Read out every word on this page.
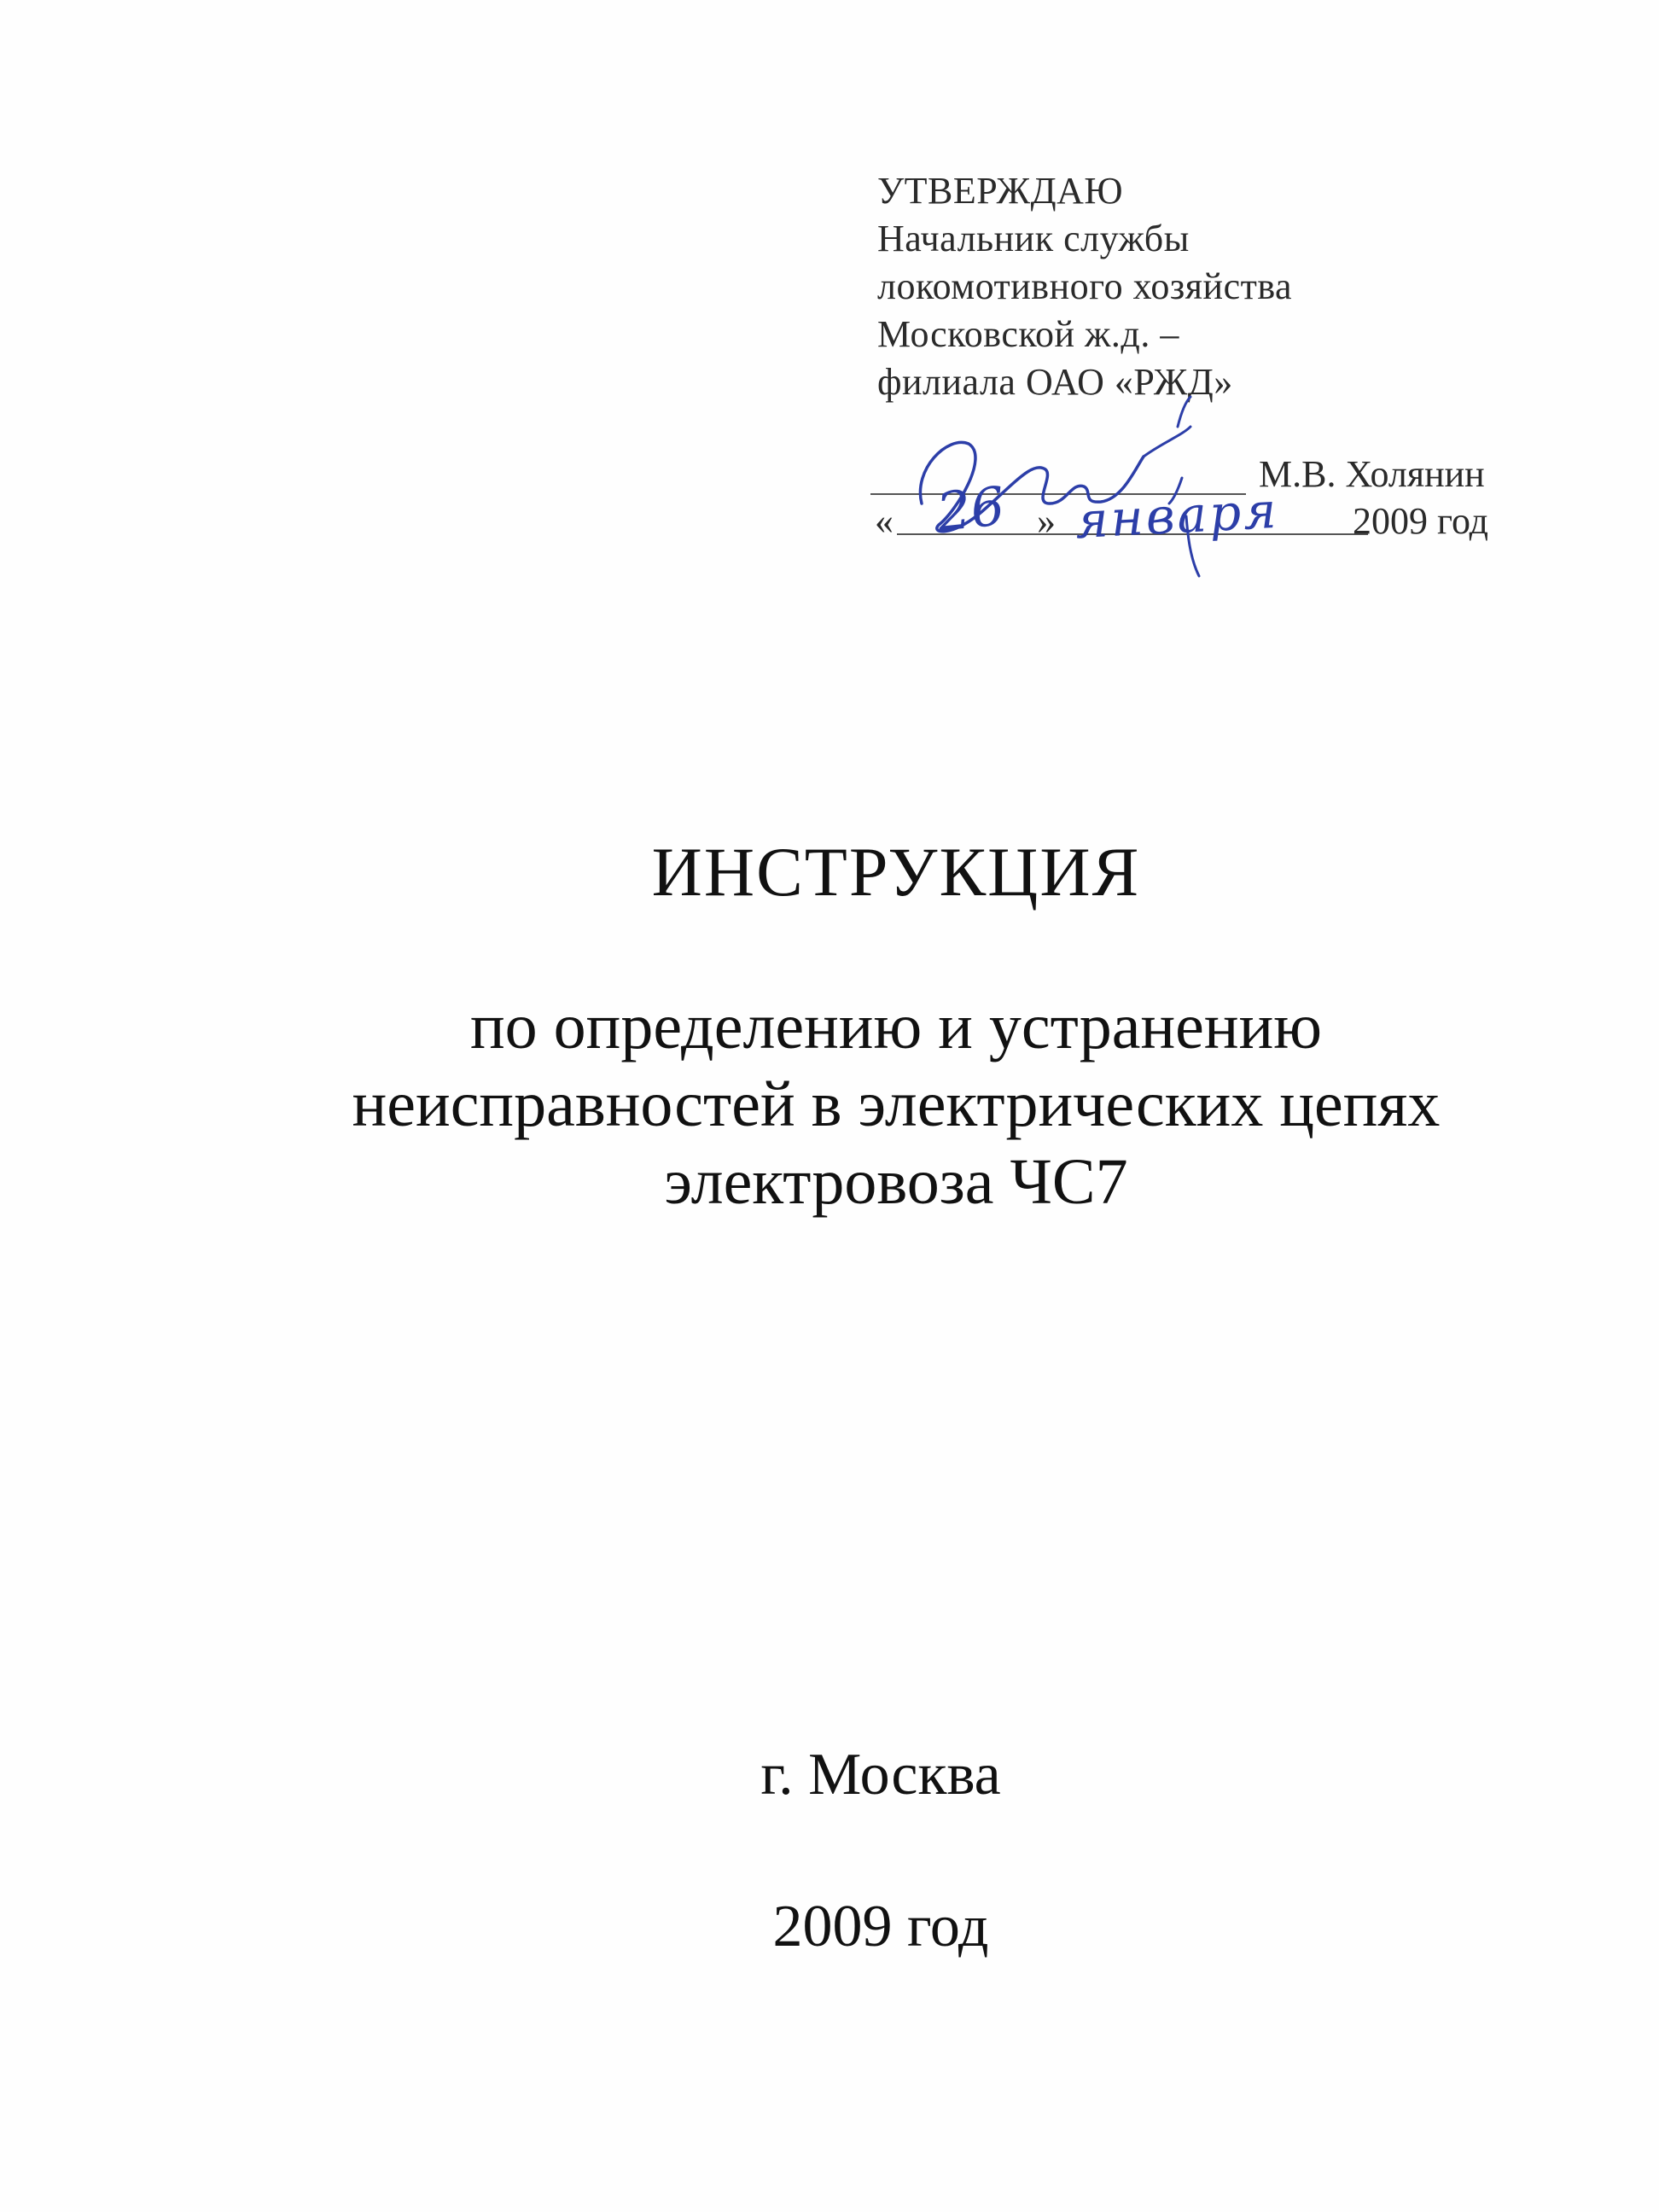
УТВЕРЖДАЮ
Начальник службы
локомотивного хозяйства
Московской ж.д. –
филиала ОАО «РЖД»
М.В. Холянин
«	»	2009 год
26 января
ИНСТРУКЦИЯ
по определению и устранению
неисправностей в электрических цепях
электровоза ЧС7
г. Москва
2009 год
